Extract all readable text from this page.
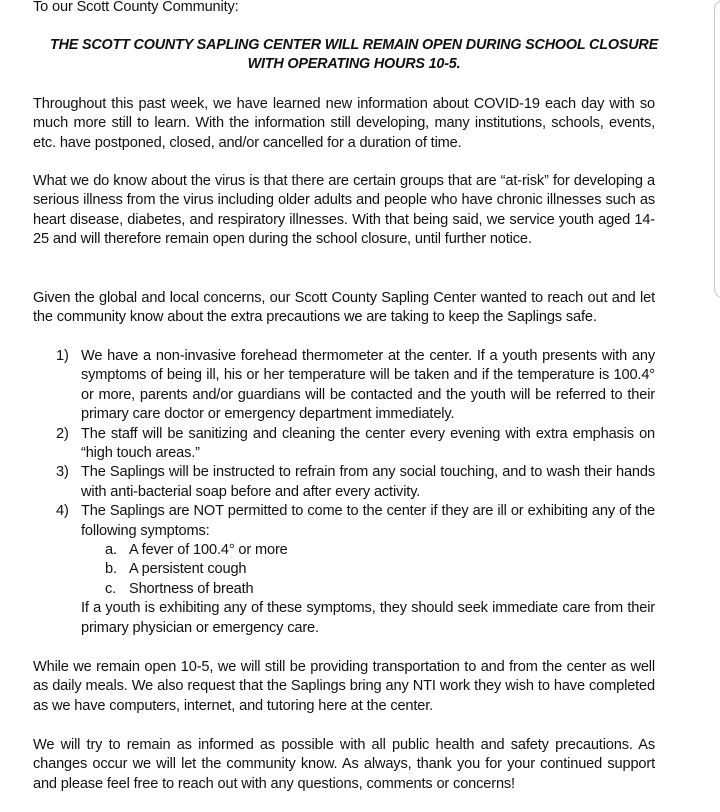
To our Scott County Community:

THE SCOTT COUNTY SAPLING CENTER WILL REMAIN OPEN DURING SCHOOL CLOSURE WITH OPERATING HOURS 10-5.

Throughout this past week, we have learned new information about COVID-19 each day with so much more still to learn. With the information still developing, many institutions, schools, events, etc. have postponed, closed, and/or cancelled for a duration of time.

What we do know about the virus is that there are certain groups that are “at-risk” for developing a serious illness from the virus including older adults and people who have chronic illnesses such as heart disease, diabetes, and respiratory illnesses. With that being said, we service youth aged 14-25 and will therefore remain open during the school closure, until further notice.

Given the global and local concerns, our Scott County Sapling Center wanted to reach out and let the community know about the extra precautions we are taking to keep the Saplings safe.

1) We have a non-invasive forehead thermometer at the center. If a youth presents with any symptoms of being ill, his or her temperature will be taken and if the temperature is 100.4° or more, parents and/or guardians will be contacted and the youth will be referred to their primary care doctor or emergency department immediately.
2) The staff will be sanitizing and cleaning the center every evening with extra emphasis on “high touch areas.”
3) The Saplings will be instructed to refrain from any social touching, and to wash their hands with anti-bacterial soap before and after every activity.
4) The Saplings are NOT permitted to come to the center if they are ill or exhibiting any of the following symptoms:
a. A fever of 100.4° or more
b. A persistent cough
c. Shortness of breath
If a youth is exhibiting any of these symptoms, they should seek immediate care from their primary physician or emergency care.

While we remain open 10-5, we will still be providing transportation to and from the center as well as daily meals. We also request that the Saplings bring any NTI work they wish to have completed as we have computers, internet, and tutoring here at the center.

We will try to remain as informed as possible with all public health and safety precautions. As changes occur we will let the community know. As always, thank you for your continued support and please feel free to reach out with any questions, comments or concerns!
